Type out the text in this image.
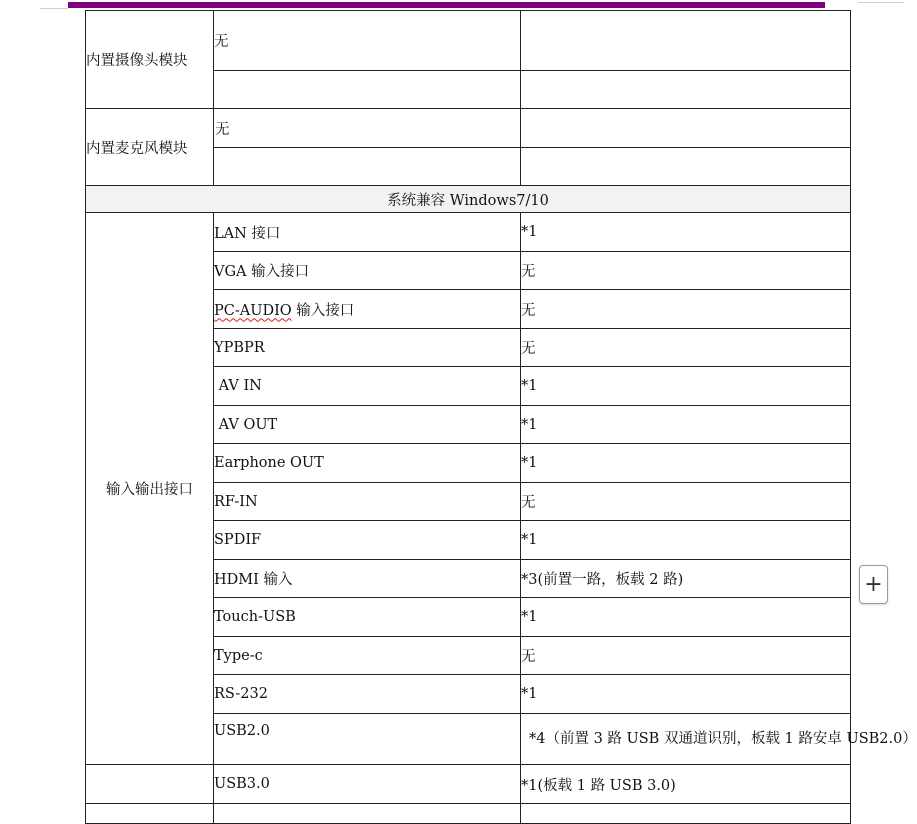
内置摄像头模块	无	

内置麦克风模块	无	

系统兼容 Windows7/10		
输入输出接口	LAN 接口	*1
	VGA 输入接口	无
	PC-AUDIO 输入接口	无
	YPBPR	无
	AV IN	*1
	AV OUT	*1
	Earphone OUT	*1
	RF-IN	无
	SPDIF	*1
	HDMI 输入	*3(前置一路，板载 2 路)
	Touch-USB	*1
	Type-c	无
	RS-232	*1
	USB2.0	*4（前置 3 路 USB 双通道识别，板载 1 路安卓 USB2.0）
	USB3.0	*1(板载 1 路 USB 3.0)

+
